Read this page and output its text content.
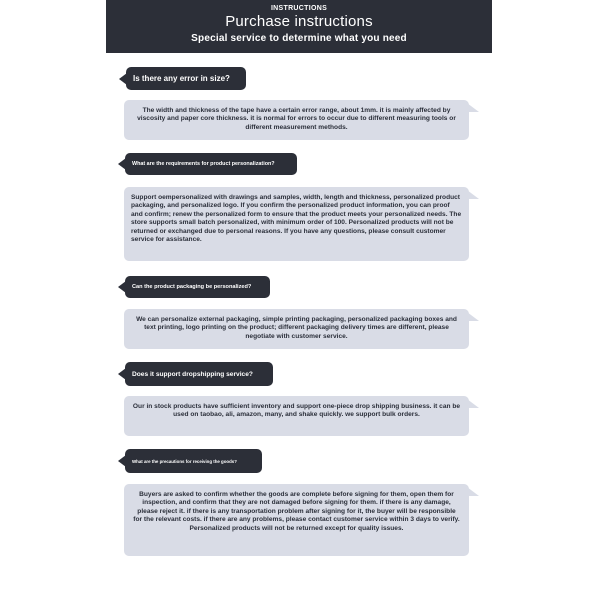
INSTRUCTIONS
Purchase instructions
Special service to determine what you need
Is there any error in size?
The width and thickness of the tape have a certain error range, about 1mm. it is mainly affected by viscosity and paper core thickness. it is normal for errors to occur due to different measuring tools or different measurement methods.
What are the requirements for product personalization?
Support oempersonalized with drawings and samples, width, length and thickness, personalized product packaging, and personalized logo. If you confirm the personalized product information, you can proof and confirm; renew the personalized form to ensure that the product meets your personalized needs. The store supports small batch personalized, with minimum order of 100. Personalized products will not be returned or exchanged due to personal reasons. If you have any questions, please consult customer service for assistance.
Can the product packaging be personalized?
We can personalize external packaging, simple printing packaging, personalized packaging boxes and text printing, logo printing on the product; different packaging delivery times are different, please negotiate with customer service.
Does it support dropshipping service?
Our in stock products have sufficient inventory and support one-piece drop shipping business. it can be used on taobao, ali, amazon, many, and shake quickly. we support bulk orders.
What are the precautions for receiving the goods?
Buyers are asked to confirm whether the goods are complete before signing for them, open them for inspection, and confirm that they are not damaged before signing for them. if there is any damage, please reject it. if there is any transportation problem after signing for it, the buyer will be responsible for the relevant costs. if there are any problems, please contact customer service within 3 days to verify. Personalized products will not be returned except for quality issues.
